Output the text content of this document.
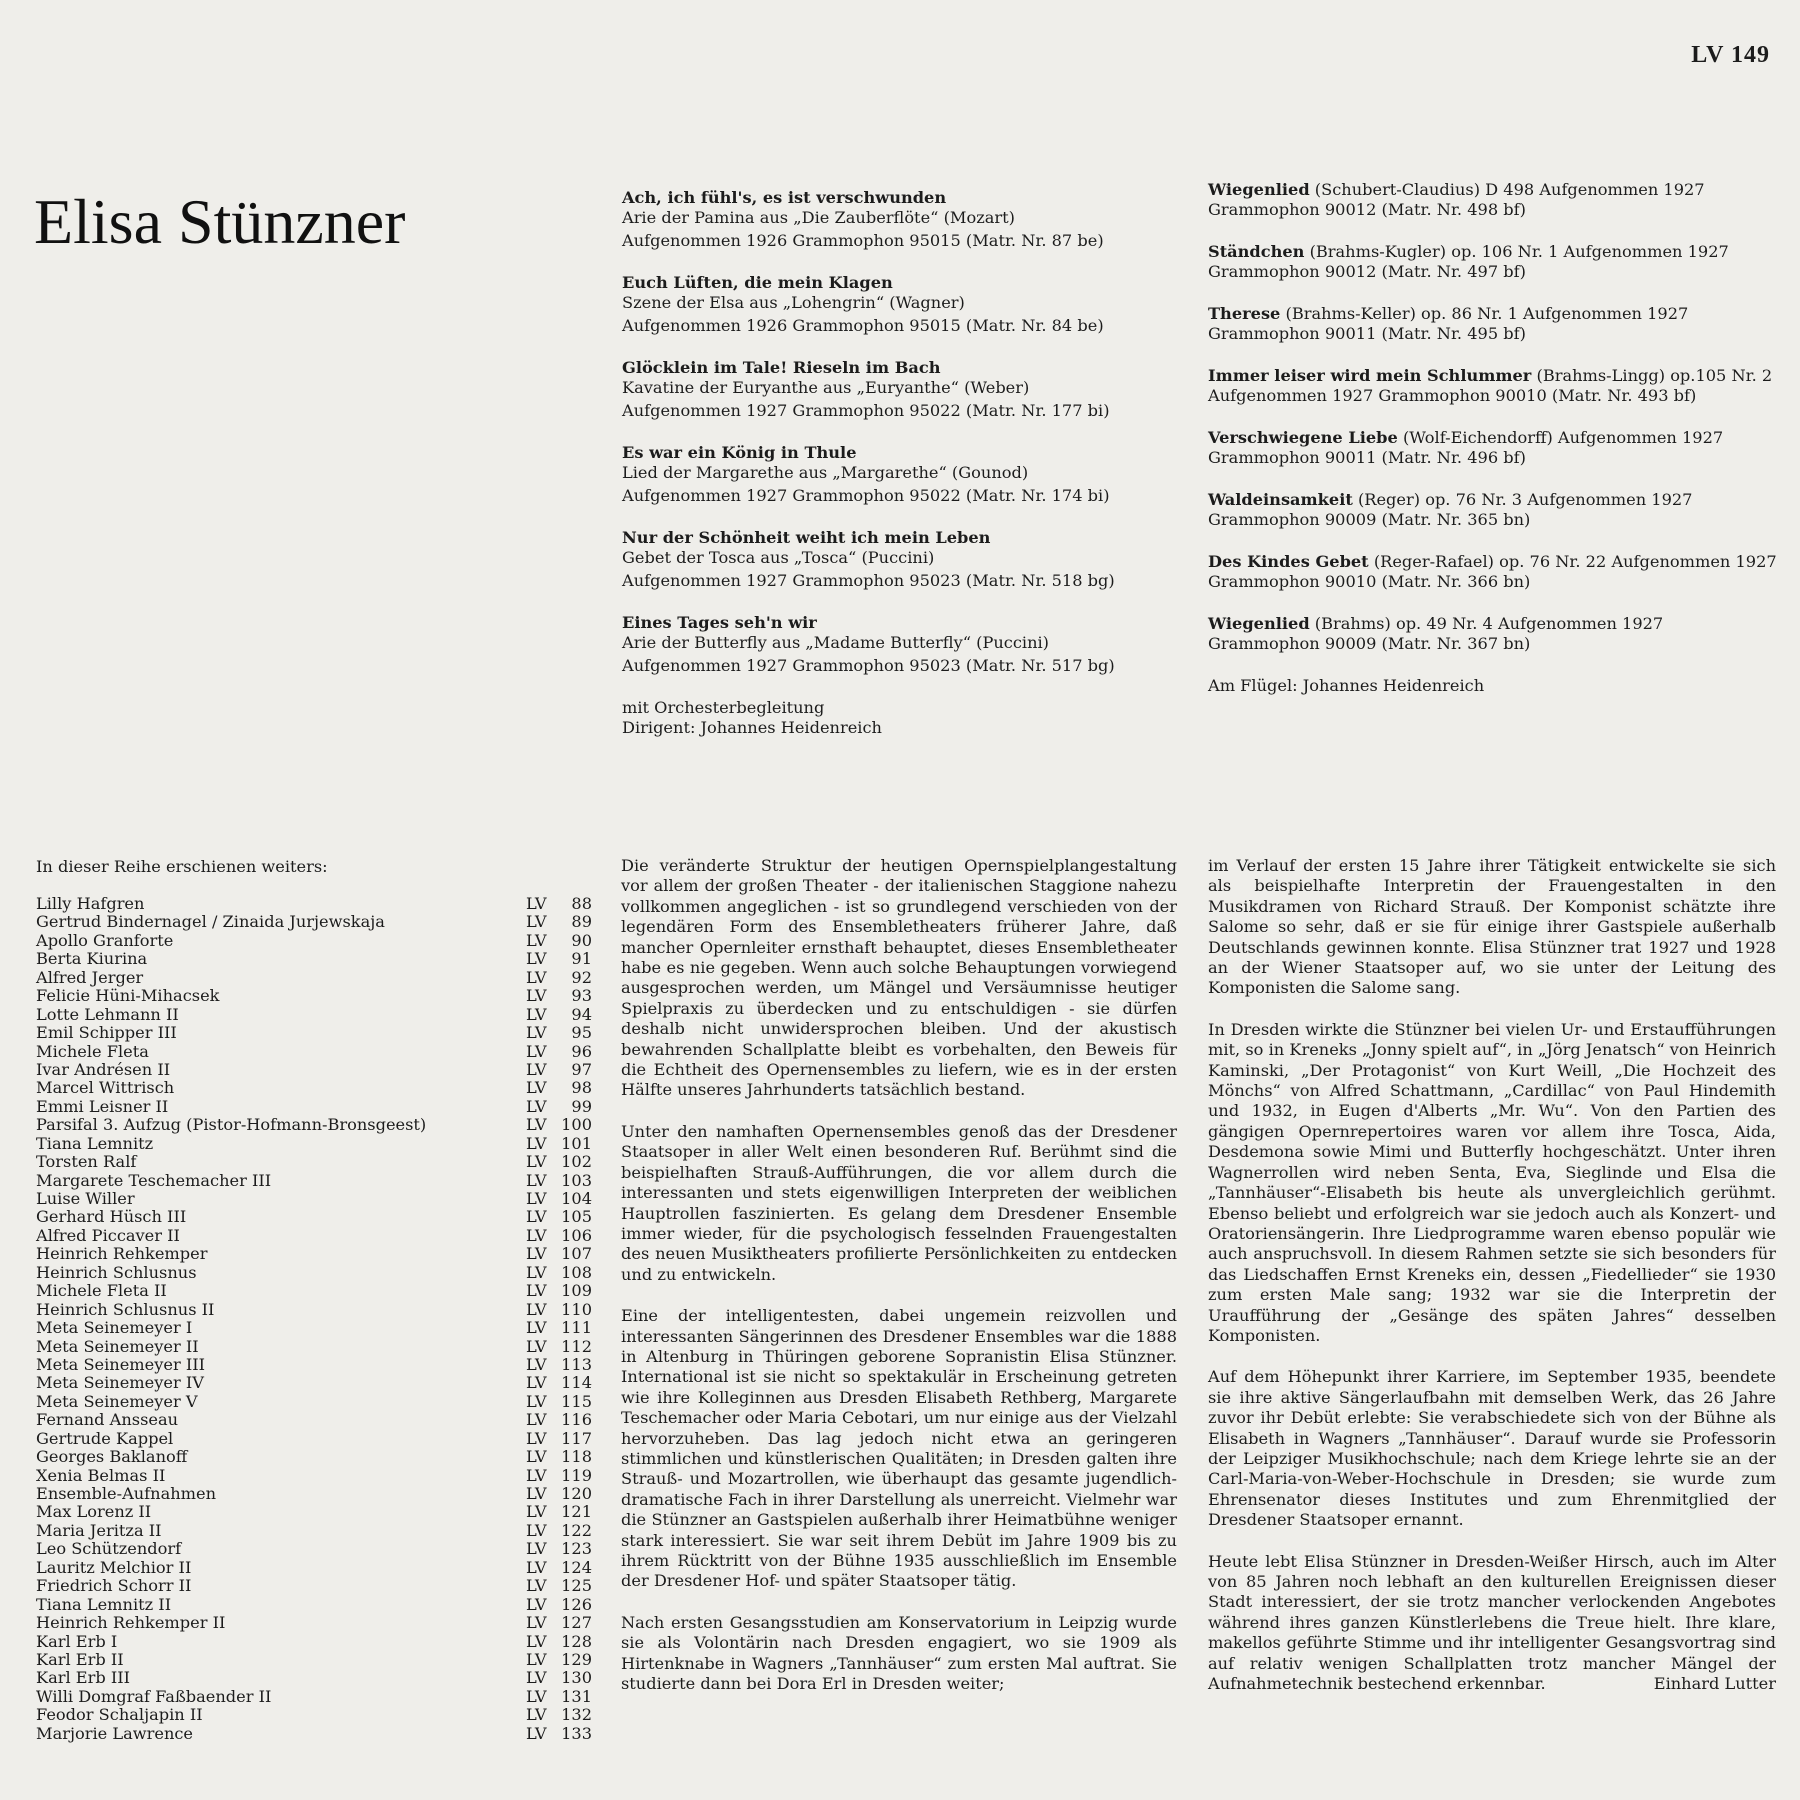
LV 149
Elisa Stünzner	Ach, ich fühl's, es ist verschwunden
Arie der Pamina aus „Die Zauberflöte“ (Mozart)
Aufgenommen 1926 Grammophon 95015 (Matr. Nr. 87 be)
Euch Lüften, die mein Klagen
Szene der Elsa aus „Lohengrin“ (Wagner)
Aufgenommen 1926 Grammophon 95015 (Matr. Nr. 84 be)
Glöcklein im Tale! Rieseln im Bach
Kavatine der Euryanthe aus „Euryanthe“ (Weber)
Aufgenommen 1927 Grammophon 95022 (Matr. Nr. 177 bi)
Es war ein König in Thule
Lied der Margarethe aus „Margarethe“ (Gounod)
Aufgenommen 1927 Grammophon 95022 (Matr. Nr. 174 bi)
Nur der Schönheit weiht ich mein Leben
Gebet der Tosca aus „Tosca“ (Puccini)
Aufgenommen 1927 Grammophon 95023 (Matr. Nr. 518 bg)
Eines Tages seh'n wir
Arie der Butterfly aus „Madame Butterfly“ (Puccini)
Aufgenommen 1927 Grammophon 95023 (Matr. Nr. 517 bg)
mit Orchesterbegleitung
Dirigent: Johannes Heidenreich
Wiegenlied (Schubert-Claudius) D 498 Aufgenommen 1927 Grammophon 90012 (Matr. Nr. 498 bf)
Ständchen (Brahms-Kugler) op. 106 Nr. 1 Aufgenommen 1927 Grammophon 90012 (Matr. Nr. 497 bf)
Therese (Brahms-Keller) op. 86 Nr. 1 Aufgenommen 1927 Grammophon 90011 (Matr. Nr. 495 bf)
Immer leiser wird mein Schlummer (Brahms-Lingg) op.105 Nr. 2 Aufgenommen 1927 Grammophon 90010 (Matr. Nr. 493 bf)
Verschwiegene Liebe (Wolf-Eichendorff) Aufgenommen 1927 Grammophon 90011 (Matr. Nr. 496 bf)
Waldeinsamkeit (Reger) op. 76 Nr. 3 Aufgenommen 1927 Grammophon 90009 (Matr. Nr. 365 bn)
Des Kindes Gebet (Reger-Rafael) op. 76 Nr. 22 Aufgenommen 1927 Grammophon 90010 (Matr. Nr. 366 bn)
Wiegenlied (Brahms) op. 49 Nr. 4 Aufgenommen 1927 Grammophon 90009 (Matr. Nr. 367 bn)
Am Flügel: Johannes Heidenreich
In dieser Reihe erschienen weiters:
Lilly Hafgren	LV 88
Gertrud Bindernagel / Zinaida Jurjewskaja	LV 89
Apollo Granforte	LV 90
Berta Kiurina	LV 91
Alfred Jerger	LV 92
Felicie Hüni-Mihacsek	LV 93
Lotte Lehmann II	LV 94
Emil Schipper III	LV 95
Michele Fleta	LV 96
Ivar Andrésen II	LV 97
Marcel Wittrisch	LV 98
Emmi Leisner II	LV 99
Parsifal 3. Aufzug (Pistor-Hofmann-Bronsgeest)	LV 100
Tiana Lemnitz	LV 101
Torsten Ralf	LV 102
Margarete Teschemacher III	LV 103
Luise Willer	LV 104
Gerhard Hüsch III	LV 105
Alfred Piccaver II	LV 106
Heinrich Rehkemper	LV 107
Heinrich Schlusnus	LV 108
Michele Fleta II	LV 109
Heinrich Schlusnus II	LV 110
Meta Seinemeyer I	LV 111
Meta Seinemeyer II	LV 112
Meta Seinemeyer III	LV 113
Meta Seinemeyer IV	LV 114
Meta Seinemeyer V	LV 115
Fernand Ansseau	LV 116
Gertrude Kappel	LV 117
Georges Baklanoff	LV 118
Xenia Belmas II	LV 119
Ensemble-Aufnahmen	LV 120
Max Lorenz II	LV 121
Maria Jeritza II	LV 122
Leo Schützendorf	LV 123
Lauritz Melchior II	LV 124
Friedrich Schorr II	LV 125
Tiana Lemnitz II	LV 126
Heinrich Rehkemper II	LV 127
Karl Erb I	LV 128
Karl Erb II	LV 129
Karl Erb III	LV 130
Willi Domgraf Faßbaender II	LV 131
Feodor Schaljapin II	LV 132
Marjorie Lawrence	LV 133

Die veränderte Struktur der heutigen Opernspielplangestaltung vor allem der großen Theater - der italienischen Staggione nahezu vollkommen angeglichen - ist so grundlegend verschieden von der legendären Form des Ensembletheaters früherer Jahre, daß mancher Opernleiter ernsthaft behauptet, dieses Ensembletheater habe es nie gegeben. Wenn auch solche Behauptungen vorwiegend ausgesprochen werden, um Mängel und Versäumnisse heutiger Spielpraxis zu überdecken und zu entschuldigen - sie dürfen deshalb nicht unwidersprochen bleiben. Und der akustisch bewahrenden Schallplatte bleibt es vorbehalten, den Beweis für die Echtheit des Opernensembles zu liefern, wie es in der ersten Hälfte unseres Jahrhunderts tatsächlich bestand.

Unter den namhaften Opernensembles genoß das der Dresdener Staatsoper in aller Welt einen besonderen Ruf. Berühmt sind die beispielhaften Strauß-Aufführungen, die vor allem durch die interessanten und stets eigenwilligen Interpreten der weiblichen Hauptrollen faszinierten. Es gelang dem Dresdener Ensemble immer wieder, für die psychologisch fesselnden Frauengestalten des neuen Musiktheaters profilierte Persönlichkeiten zu entdecken und zu entwickeln.

Eine der intelligentesten, dabei ungemein reizvollen und interessanten Sängerinnen des Dresdener Ensembles war die 1888 in Altenburg in Thüringen geborene Sopranistin Elisa Stünzner. International ist sie nicht so spektakulär in Erscheinung getreten wie ihre Kolleginnen aus Dresden Elisabeth Rethberg, Margarete Teschemacher oder Maria Cebotari, um nur einige aus der Vielzahl hervorzuheben. Das lag jedoch nicht etwa an geringeren stimmlichen und künstlerischen Qualitäten; in Dresden galten ihre Strauß- und Mozartrollen, wie überhaupt das gesamte jugendlich-dramatische Fach in ihrer Darstellung als unerreicht. Vielmehr war die Stünzner an Gastspielen außerhalb ihrer Heimatbühne weniger stark interessiert. Sie war seit ihrem Debüt im Jahre 1909 bis zu ihrem Rücktritt von der Bühne 1935 ausschließlich im Ensemble der Dresdener Hof- und später Staatsoper tätig.

Nach ersten Gesangsstudien am Konservatorium in Leipzig wurde sie als Volontärin nach Dresden engagiert, wo sie 1909 als Hirtenknabe in Wagners „Tannhäuser“ zum ersten Mal auftrat. Sie studierte dann bei Dora Erl in Dresden weiter;

im Verlauf der ersten 15 Jahre ihrer Tätigkeit entwickelte sie sich als beispielhafte Interpretin der Frauengestalten in den Musikdramen von Richard Strauß. Der Komponist schätzte ihre Salome so sehr, daß er sie für einige ihrer Gastspiele außerhalb Deutschlands gewinnen konnte. Elisa Stünzner trat 1927 und 1928 an der Wiener Staatsoper auf, wo sie unter der Leitung des Komponisten die Salome sang.

In Dresden wirkte die Stünzner bei vielen Ur- und Erstaufführungen mit, so in Kreneks „Jonny spielt auf“, in „Jörg Jenatsch“ von Heinrich Kaminski, „Der Protagonist“ von Kurt Weill, „Die Hochzeit des Mönchs“ von Alfred Schattmann, „Cardillac“ von Paul Hindemith und 1932, in Eugen d'Alberts „Mr. Wu“. Von den Partien des gängigen Opernrepertoires waren vor allem ihre Tosca, Aida, Desdemona sowie Mimi und Butterfly hochgeschätzt. Unter ihren Wagnerrollen wird neben Senta, Eva, Sieglinde und Elsa die „Tannhäuser“-Elisabeth bis heute als unvergleichlich gerühmt. Ebenso beliebt und erfolgreich war sie jedoch auch als Konzert- und Oratoriensängerin. Ihre Liedprogramme waren ebenso populär wie auch anspruchsvoll. In diesem Rahmen setzte sie sich besonders für das Liedschaffen Ernst Kreneks ein, dessen „Fiedellieder“ sie 1930 zum ersten Male sang; 1932 war sie die Interpretin der Uraufführung der „Gesänge des späten Jahres“ desselben Komponisten.

Auf dem Höhepunkt ihrer Karriere, im September 1935, beendete sie ihre aktive Sängerlaufbahn mit demselben Werk, das 26 Jahre zuvor ihr Debüt erlebte: Sie verabschiedete sich von der Bühne als Elisabeth in Wagners „Tannhäuser“. Darauf wurde sie Professorin der Leipziger Musikhochschule; nach dem Kriege lehrte sie an der Carl-Maria-von-Weber-Hochschule in Dresden; sie wurde zum Ehrensenator dieses Institutes und zum Ehrenmitglied der Dresdener Staatsoper ernannt.

Heute lebt Elisa Stünzner in Dresden-Weißer Hirsch, auch im Alter von 85 Jahren noch lebhaft an den kulturellen Ereignissen dieser Stadt interessiert, der sie trotz mancher verlockenden Angebotes während ihres ganzen Künstlerlebens die Treue hielt. Ihre klare, makellos geführte Stimme und ihr intelligenter Gesangsvortrag sind auf relativ wenigen Schallplatten trotz mancher Mängel der Aufnahmetechnik bestechend erkennbar.	Einhard Lutter
